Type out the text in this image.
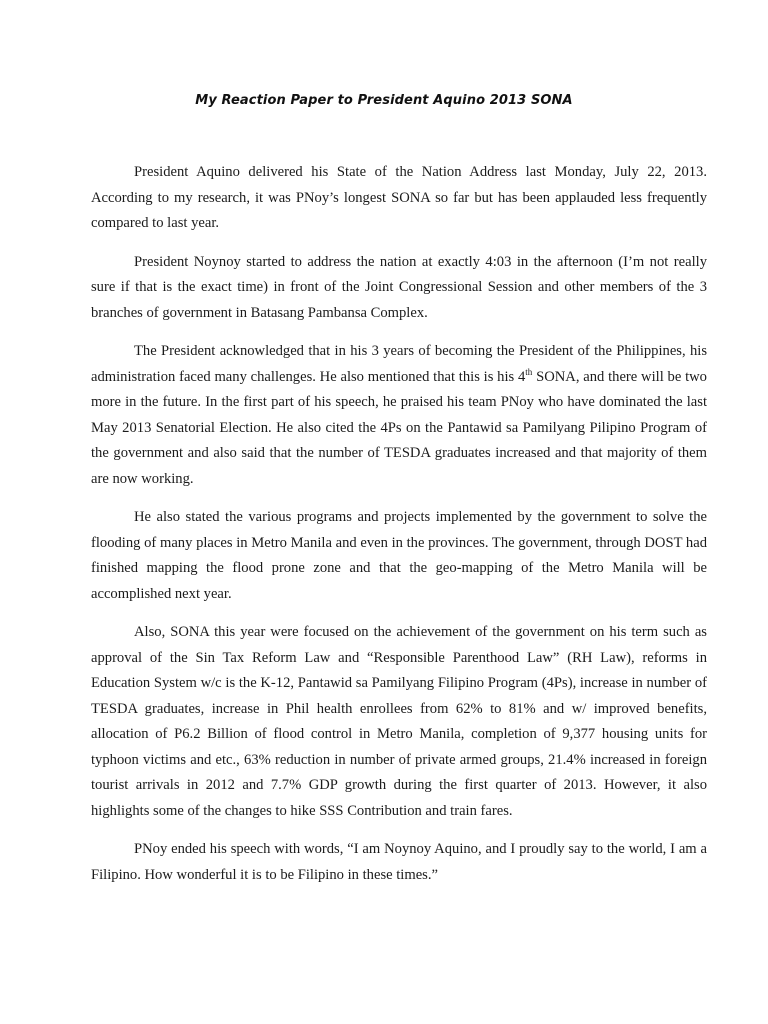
My Reaction Paper to President Aquino 2013 SONA

President Aquino delivered his State of the Nation Address last Monday, July 22, 2013. According to my research, it was PNoy’s longest SONA so far but has been applauded less frequently compared to last year.

President Noynoy started to address the nation at exactly 4:03 in the afternoon (I’m not really sure if that is the exact time) in front of the Joint Congressional Session and other members of the 3 branches of government in Batasang Pambansa Complex.

The President acknowledged that in his 3 years of becoming the President of the Philippines, his administration faced many challenges. He also mentioned that this is his 4th SONA, and there will be two more in the future. In the first part of his speech, he praised his team PNoy who have dominated the last May 2013 Senatorial Election. He also cited the 4Ps on the Pantawid sa Pamilyang Pilipino Program of the government and also said that the number of TESDA graduates increased and that majority of them are now working.

He also stated the various programs and projects implemented by the government to solve the flooding of many places in Metro Manila and even in the provinces. The government, through DOST had finished mapping the flood prone zone and that the geo-mapping of the Metro Manila will be accomplished next year.

Also, SONA this year were focused on the achievement of the government on his term such as approval of the Sin Tax Reform Law and “Responsible Parenthood Law” (RH Law), reforms in Education System w/c is the K-12, Pantawid sa Pamilyang Filipino Program (4Ps), increase in number of TESDA graduates, increase in Phil health enrollees from 62% to 81% and w/ improved benefits, allocation of P6.2 Billion of flood control in Metro Manila, completion of 9,377 housing units for typhoon victims and etc., 63% reduction in number of private armed groups, 21.4% increased in foreign tourist arrivals in 2012 and 7.7% GDP growth during the first quarter of 2013. However, it also highlights some of the changes to hike SSS Contribution and train fares.

PNoy ended his speech with words, “I am Noynoy Aquino, and I proudly say to the world, I am a Filipino. How wonderful it is to be Filipino in these times.”
